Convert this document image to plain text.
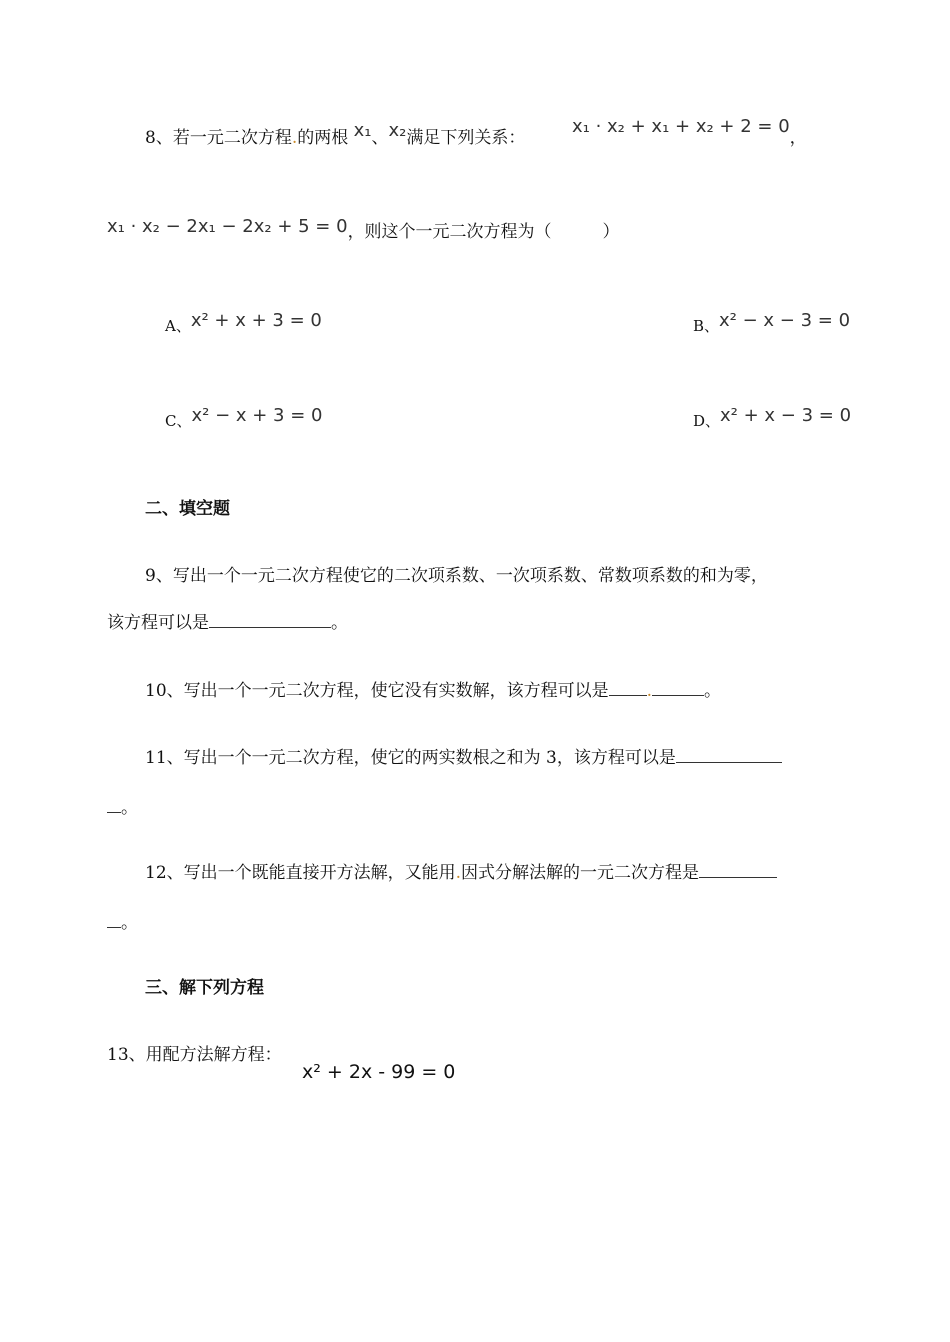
8、若一元二次方程.的两根 x₁、x₂满足下列关系：
x₁ · x₂ + x₁ + x₂ + 2 = 0，
x₁ · x₂ − 2x₁ − 2x₂ + 5 = 0，则这个一元二次方程为（　　　）
A、x² + x + 3 = 0	B、x² − x − 3 = 0
C、x² − x + 3 = 0	D、x² + x − 3 = 0
二、填空题
9、写出一个一元二次方程使它的二次项系数、一次项系数、常数项系数的和为零，
该方程可以是	。
10、写出一个一元二次方程，使它没有实数解，该方程可以是 .	。
11、写出一个一元二次方程，使它的两实数根之和为 3，该方程可以是
。
12、写出一个既能直接开方法解，又能用.因式分解法解的一元二次方程是
。
三、解下列方程
13、用配方法解方程：
x² + 2x - 99 = 0
